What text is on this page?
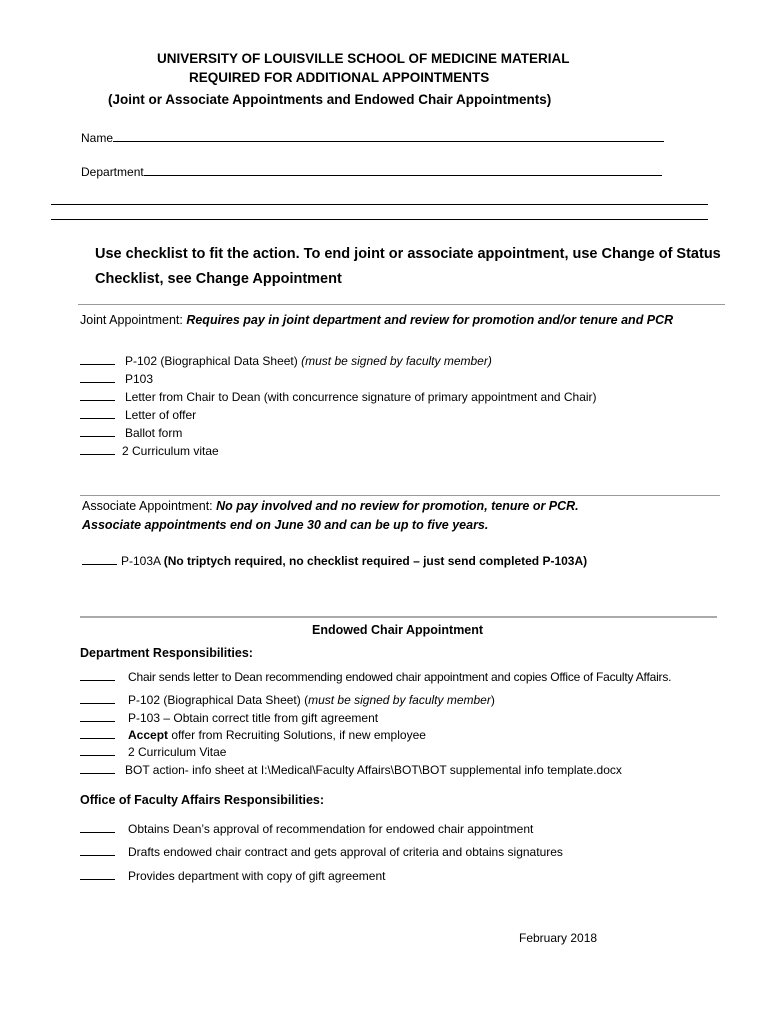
UNIVERSITY OF LOUISVILLE SCHOOL OF MEDICINE MATERIAL
REQUIRED FOR ADDITIONAL APPOINTMENTS
(Joint or Associate Appointments and Endowed Chair Appointments)
Name
Department
Use checklist to fit the action. To end joint or associate appointment, use Change of Status
Checklist, see Change Appointment
Joint Appointment: Requires pay in joint department and review for promotion and/or tenure and PCR
P-102 (Biographical Data Sheet) (must be signed by faculty member)
P103
Letter from Chair to Dean (with concurrence signature of primary appointment and Chair)
Letter of offer
Ballot form
2 Curriculum vitae
Associate Appointment: No pay involved and no review for promotion, tenure or PCR.
Associate appointments end on June 30 and can be up to five years.
P-103A (No triptych required, no checklist required – just send completed P-103A)
Endowed Chair Appointment
Department Responsibilities:
Chair sends letter to Dean recommending endowed chair appointment and copies Office of Faculty Affairs.
P-102 (Biographical Data Sheet) (must be signed by faculty member)
P-103 – Obtain correct title from gift agreement
Accept offer from Recruiting Solutions, if new employee
2 Curriculum Vitae
BOT action- info sheet at I:\Medical\Faculty Affairs\BOT\BOT supplemental info template.docx
Office of Faculty Affairs Responsibilities:
Obtains Dean’s approval of recommendation for endowed chair appointment
Drafts endowed chair contract and gets approval of criteria and obtains signatures
Provides department with copy of gift agreement
February 2018
